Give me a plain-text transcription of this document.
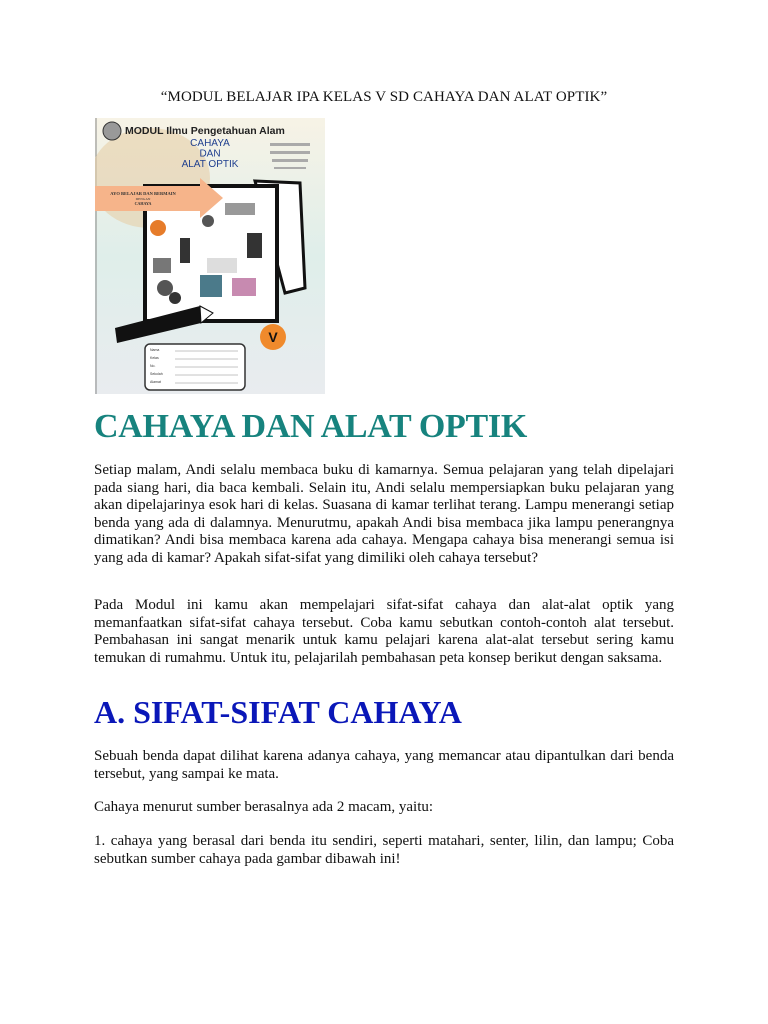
“MODUL BELAJAR IPA KELAS V SD CAHAYA DAN ALAT OPTIK”
MODUL Ilmu Pengetahuan Alam
CAHAYA
DAN
ALAT OPTIK
AYO BELAJAR DAN BERMAIN
DENGAN
CAHAYA
V
Nama
Kelas
No.
Sekolah
Alamat
CAHAYA DAN ALAT OPTIK

Setiap malam, Andi selalu membaca buku di kamarnya. Semua pelajaran yang telah dipelajari pada siang hari, dia baca kembali. Selain itu, Andi selalu mempersiapkan buku pelajaran yang akan dipelajarinya esok hari di kelas. Suasana di kamar terlihat terang. Lampu menerangi setiap benda yang ada di dalamnya. Menurutmu, apakah Andi bisa membaca jika lampu penerangnya dimatikan? Andi bisa membaca karena ada cahaya. Mengapa cahaya bisa menerangi semua isi yang ada di kamar? Apakah sifat-sifat yang dimiliki oleh cahaya tersebut?

Pada Modul ini kamu akan mempelajari sifat-sifat cahaya dan alat-alat optik yang memanfaatkan sifat-sifat cahaya tersebut. Coba kamu sebutkan contoh-contoh alat tersebut. Pembahasan ini sangat menarik untuk kamu pelajari karena alat-alat tersebut sering kamu temukan di rumahmu. Untuk itu, pelajarilah pembahasan peta konsep berikut dengan saksama.

A. SIFAT-SIFAT CAHAYA

Sebuah benda dapat dilihat karena adanya cahaya, yang memancar atau dipantulkan dari benda tersebut, yang sampai ke mata.

Cahaya menurut sumber berasalnya ada 2 macam, yaitu:

1. cahaya yang berasal dari benda itu sendiri, seperti matahari, senter, lilin, dan lampu; Coba sebutkan sumber cahaya pada gambar dibawah ini!
